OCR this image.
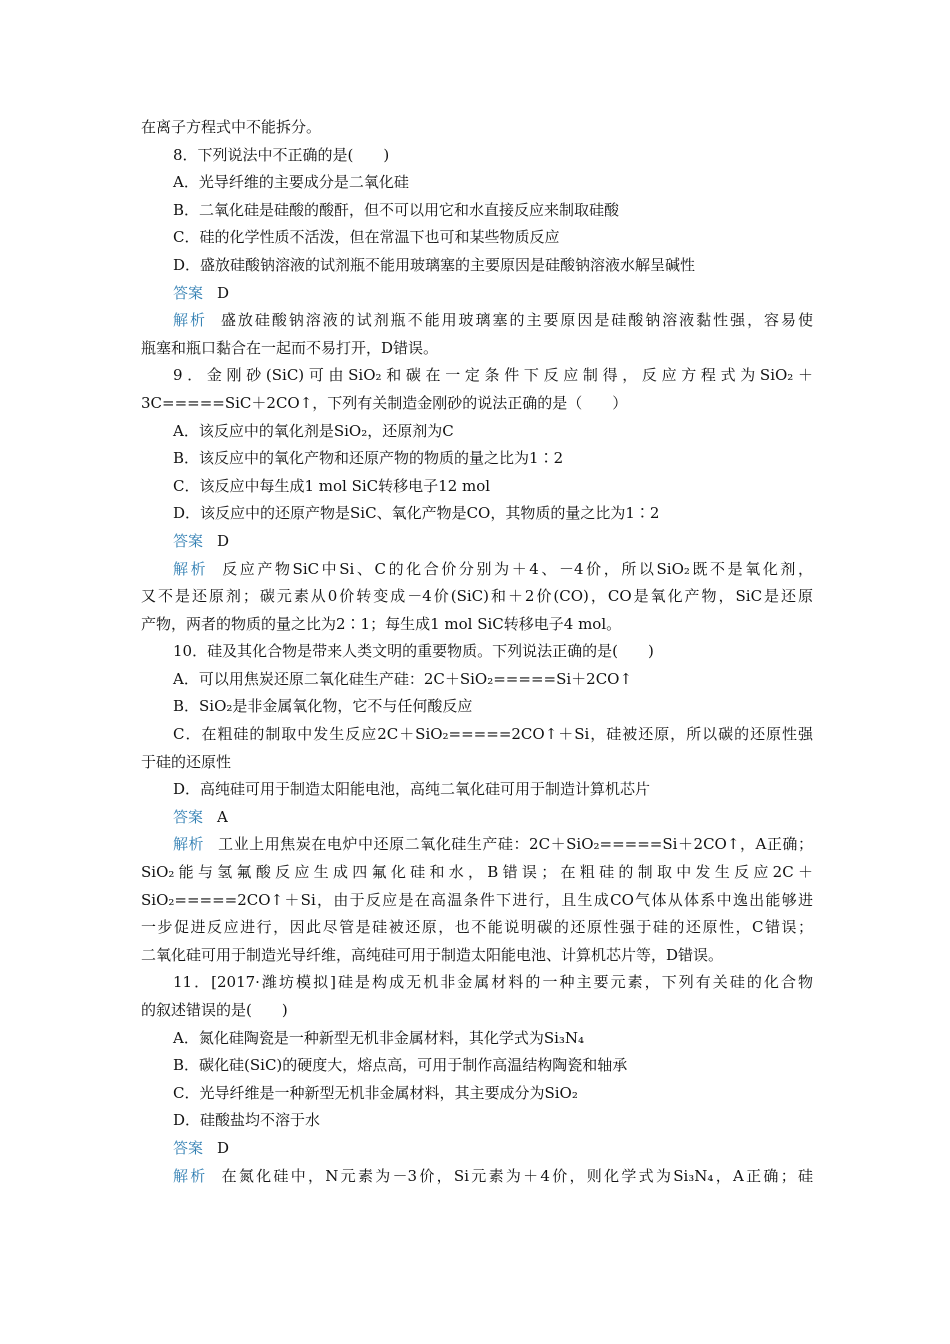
在离子方程式中不能拆分。
8．下列说法中不正确的是(　　)
A．光导纤维的主要成分是二氧化硅
B．二氧化硅是硅酸的酸酐，但不可以用它和水直接反应来制取硅酸
C．硅的化学性质不活泼，但在常温下也可和某些物质反应
D．盛放硅酸钠溶液的试剂瓶不能用玻璃塞的主要原因是硅酸钠溶液水解呈碱性
答案 D
解析 盛放硅酸钠溶液的试剂瓶不能用玻璃塞的主要原因是硅酸钠溶液黏性强，容易使
瓶塞和瓶口黏合在一起而不易打开，D错误。
9．金刚砂(SiC)可由SiO₂和碳在一定条件下反应制得，反应方程式为SiO₂＋
3C=====SiC＋2CO↑，下列有关制造金刚砂的说法正确的是（　　）
A．该反应中的氧化剂是SiO₂，还原剂为C
B．该反应中的氧化产物和还原产物的物质的量之比为1∶2
C．该反应中每生成1 mol SiC转移电子12 mol
D．该反应中的还原产物是SiC、氧化产物是CO，其物质的量之比为1∶2
答案 D
解析 反应产物SiC中Si、C的化合价分别为＋4、－4价，所以SiO₂既不是氧化剂，
又不是还原剂；碳元素从0价转变成－4价(SiC)和＋2价(CO)，CO是氧化产物，SiC是还原
产物，两者的物质的量之比为2∶1；每生成1 mol SiC转移电子4 mol。
10．硅及其化合物是带来人类文明的重要物质。下列说法正确的是(　　)
A．可以用焦炭还原二氧化硅生产硅：2C＋SiO₂=====Si＋2CO↑
B．SiO₂是非金属氧化物，它不与任何酸反应
C．在粗硅的制取中发生反应2C＋SiO₂=====2CO↑＋Si，硅被还原，所以碳的还原性强
于硅的还原性
D．高纯硅可用于制造太阳能电池，高纯二氧化硅可用于制造计算机芯片
答案 A
解析 工业上用焦炭在电炉中还原二氧化硅生产硅：2C＋SiO₂=====Si＋2CO↑，A正确；
SiO₂能与氢氟酸反应生成四氟化硅和水，B错误；在粗硅的制取中发生反应2C＋
SiO₂=====2CO↑＋Si，由于反应是在高温条件下进行，且生成CO气体从体系中逸出能够进
一步促进反应进行，因此尽管是硅被还原，也不能说明碳的还原性强于硅的还原性，C错误；
二氧化硅可用于制造光导纤维，高纯硅可用于制造太阳能电池、计算机芯片等，D错误。
11．[2017·潍坊模拟]硅是构成无机非金属材料的一种主要元素，下列有关硅的化合物
的叙述错误的是(　　)
A．氮化硅陶瓷是一种新型无机非金属材料，其化学式为Si₃N₄
B．碳化硅(SiC)的硬度大，熔点高，可用于制作高温结构陶瓷和轴承
C．光导纤维是一种新型无机非金属材料，其主要成分为SiO₂
D．硅酸盐均不溶于水
答案 D
解析 在氮化硅中，N元素为－3价，Si元素为＋4价，则化学式为Si₃N₄，A正确；硅
